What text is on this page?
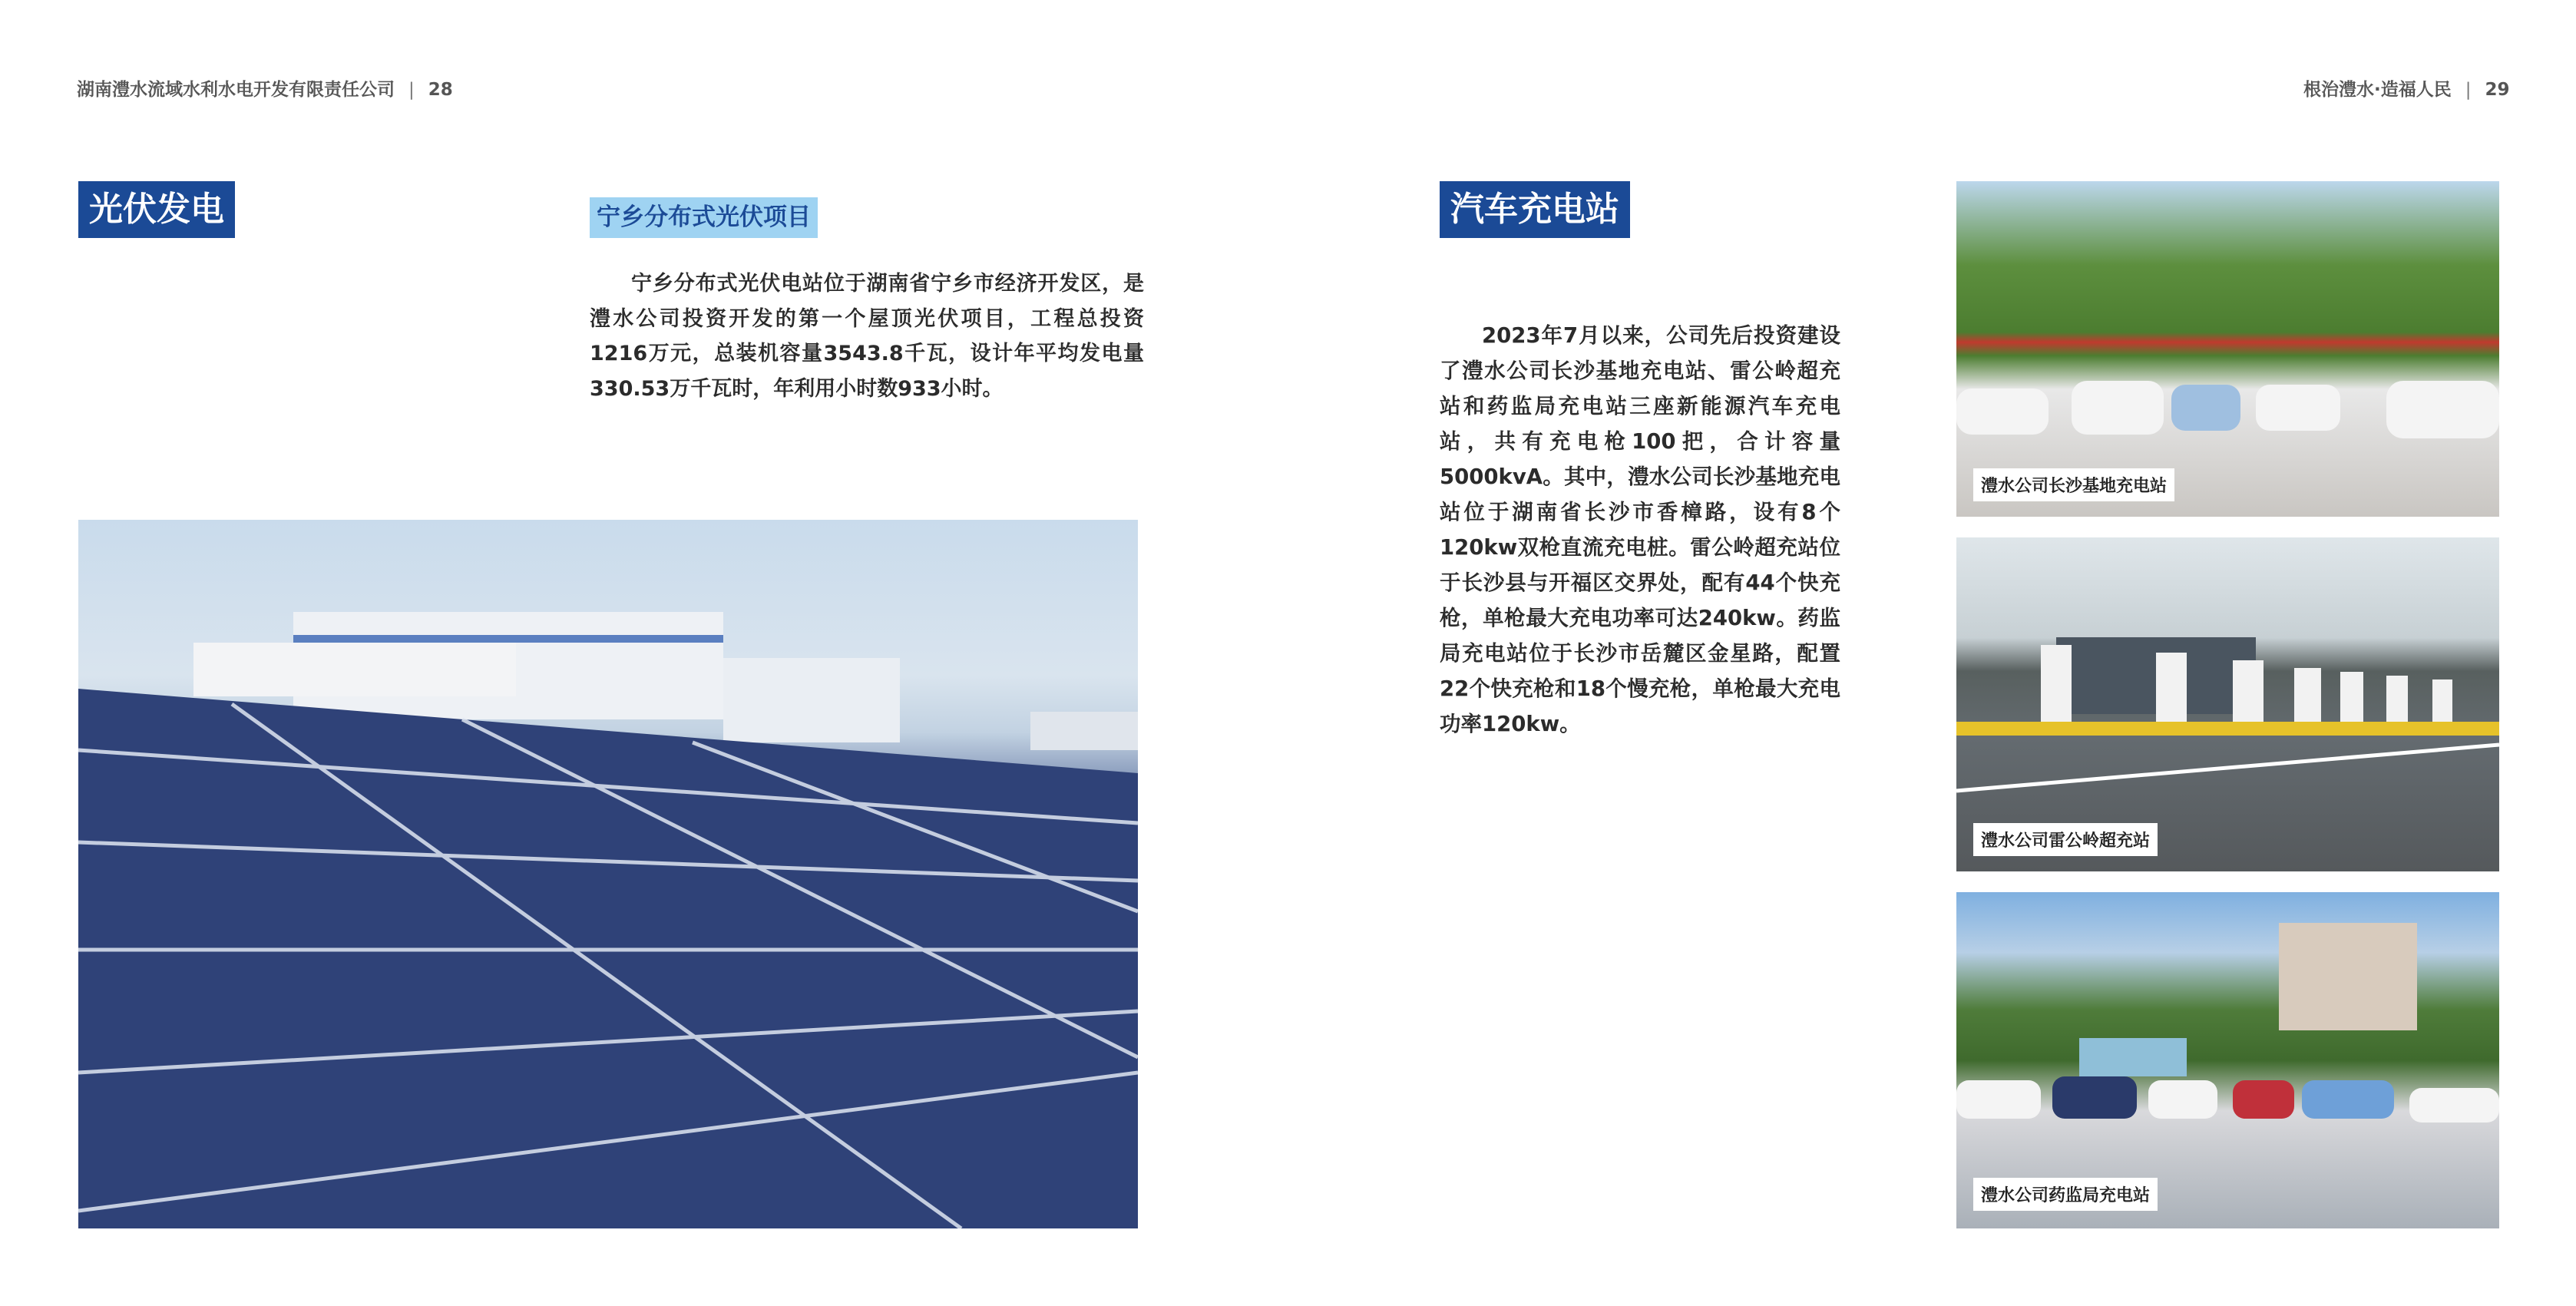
湖南澧水流域水利水电开发有限责任公司 | 28
光伏发电	宁乡分布式光伏项目

宁乡分布式光伏电站位于湖南省宁乡市经济开发区，是澧水公司投资开发的第一个屋顶光伏项目，工程总投资1216万元，总装机容量3543.8千瓦，设计年平均发电量330.53万千瓦时，年利用小时数933小时。

根治澧水·造福人民 | 29
汽车充电站

2023年7月以来，公司先后投资建设了澧水公司长沙基地充电站、雷公岭超充站和药监局充电站三座新能源汽车充电站，共有充电枪100把，合计容量5000kvA。其中，澧水公司长沙基地充电站位于湖南省长沙市香樟路，设有8个120kw双枪直流充电桩。雷公岭超充站位于长沙县与开福区交界处，配有44个快充枪，单枪最大充电功率可达240kw。药监局充电站位于长沙市岳麓区金星路，配置22个快充枪和18个慢充枪，单枪最大充电功率120kw。

澧水公司长沙基地充电站
澧水公司雷公岭超充站
澧水公司药监局充电站
